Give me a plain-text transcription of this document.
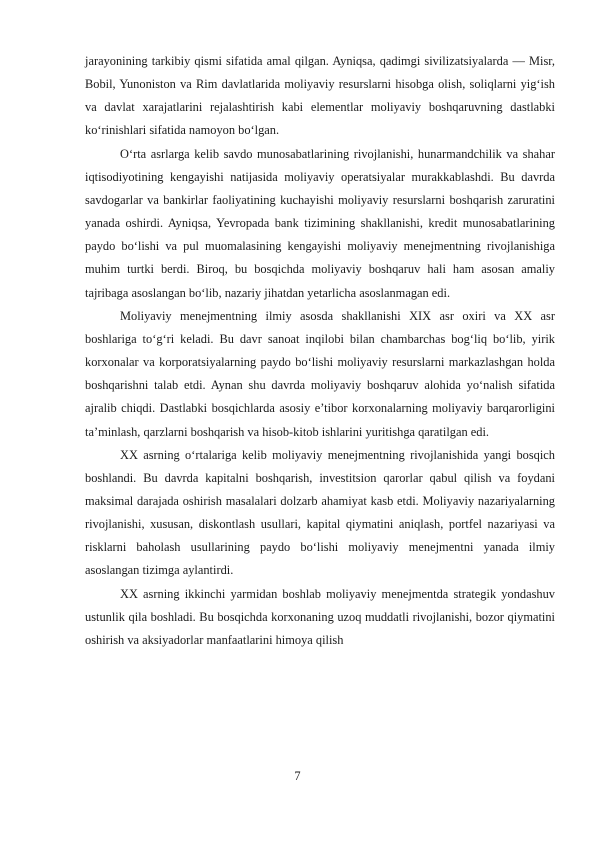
jarayonining tarkibiy qismi sifatida amal qilgan. Ayniqsa, qadimgi sivilizatsiyalarda — Misr, Bobil, Yunoniston va Rim davlatlarida moliyaviy resurslarni hisobga olish, soliqlarni yig‘ish va davlat xarajatlarini rejalashtirish kabi elementlar moliyaviy boshqaruvning dastlabki ko‘rinishlari sifatida namoyon bo‘lgan.

O‘rta asrlarga kelib savdo munosabatlarining rivojlanishi, hunarmandchilik va shahar iqtisodiyotining kengayishi natijasida moliyaviy operatsiyalar murakkablashdi. Bu davrda savdogarlar va bankirlar faoliyatining kuchayishi moliyaviy resurslarni boshqarish zaruratini yanada oshirdi. Ayniqsa, Yevropada bank tizimining shakllanishi, kredit munosabatlarining paydo bo‘lishi va pul muomalasining kengayishi moliyaviy menejmentning rivojlanishiga muhim turtki berdi. Biroq, bu bosqichda moliyaviy boshqaruv hali ham asosan amaliy tajribaga asoslangan bo‘lib, nazariy jihatdan yetarlicha asoslanmagan edi.

Moliyaviy menejmentning ilmiy asosda shakllanishi XIX asr oxiri va XX asr boshlariga to‘g‘ri keladi. Bu davr sanoat inqilobi bilan chambarchas bog‘liq bo‘lib, yirik korxonalar va korporatsiyalarning paydo bo‘lishi moliyaviy resurslarni markazlashgan holda boshqarishni talab etdi. Aynan shu davrda moliyaviy boshqaruv alohida yo‘nalish sifatida ajralib chiqdi. Dastlabki bosqichlarda asosiy e’tibor korxonalarning moliyaviy barqarorligini ta’minlash, qarzlarni boshqarish va hisob-kitob ishlarini yuritishga qaratilgan edi.

XX asrning o‘rtalariga kelib moliyaviy menejmentning rivojlanishida yangi bosqich boshlandi. Bu davrda kapitalni boshqarish, investitsion qarorlar qabul qilish va foydani maksimal darajada oshirish masalalari dolzarb ahamiyat kasb etdi. Moliyaviy nazariyalarning rivojlanishi, xususan, diskontlash usullari, kapital qiymatini aniqlash, portfel nazariyasi va risklarni baholash usullarining paydo bo‘lishi moliyaviy menejmentni yanada ilmiy asoslangan tizimga aylantirdi.

XX asrning ikkinchi yarmidan boshlab moliyaviy menejmentda strategik yondashuv ustunlik qila boshladi. Bu bosqichda korxonaning uzoq muddatli rivojlanishi, bozor qiymatini oshirish va aksiyadorlar manfaatlarini himoya qilish

7
